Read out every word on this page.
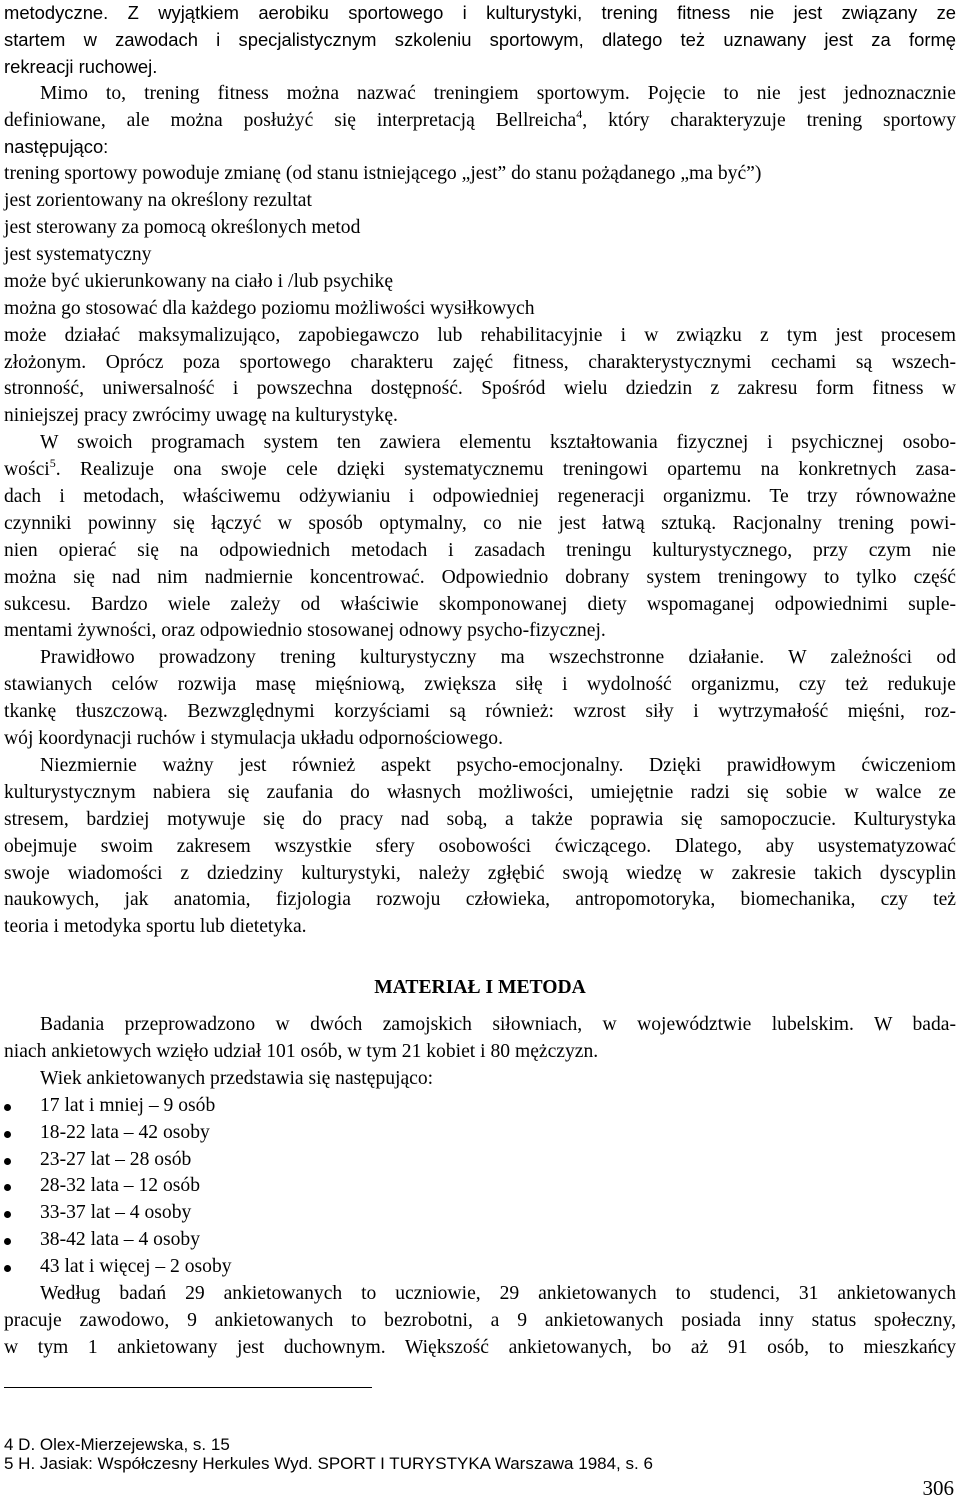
metodyczne. Z wyjątkiem aerobiku sportowego i kulturystyki, trening fitness nie jest związany ze
startem w zawodach i specjalistycznym szkoleniu sportowym, dlatego też uznawany jest za formę
rekreacji ruchowej.
Mimo to, trening fitness można nazwać treningiem sportowym. Pojęcie to nie jest jednoznacznie
definiowane, ale można posłużyć się interpretacją Bellreicha$^4$, który charakteryzuje trening sportowy
następująco:
trening sportowy powoduje zmianę (od stanu istniejącego „jest” do stanu pożądanego „ma być”)
jest zorientowany na określony rezultat
jest sterowany za pomocą określonych metod
jest systematyczny
może być ukierunkowany na ciało i /lub psychikę
można go stosować dla każdego poziomu możliwości wysiłkowych
może działać maksymalizująco, zapobiegawczo lub rehabilitacyjnie i w związku z tym jest procesem
złożonym. Oprócz poza sportowego charakteru zajęć fitness, charakterystycznymi cechami są wszech-
stronność, uniwersalność i powszechna dostępność. Spośród wielu dziedzin z zakresu form fitness w
niniejszej pracy zwrócimy uwagę na kulturystykę.
W swoich programach system ten zawiera elementu kształtowania fizycznej i psychicznej osobo-
wości$^5$. Realizuje ona swoje cele dzięki systematycznemu treningowi opartemu na konkretnych zasa-
dach i metodach, właściwemu odżywianiu i odpowiedniej regeneracji organizmu. Te trzy równoważne
czynniki powinny się łączyć w sposób optymalny, co nie jest łatwą sztuką. Racjonalny trening powi-
nien opierać się na odpowiednich metodach i zasadach treningu kulturystycznego, przy czym nie
można się nad nim nadmiernie koncentrować. Odpowiednio dobrany system treningowy to tylko część
sukcesu. Bardzo wiele zależy od właściwie skomponowanej diety wspomaganej odpowiednimi suple-
mentami żywności, oraz odpowiednio stosowanej odnowy psycho-fizycznej.
Prawidłowo prowadzony trening kulturystyczny ma wszechstronne działanie. W zależności od
stawianych celów rozwija masę mięśniową, zwiększa siłę i wydolność organizmu, czy też redukuje
tkankę tłuszczową. Bezwzględnymi korzyściami są również: wzrost siły i wytrzymałość mięśni, roz-
wój koordynacji ruchów i stymulacja układu odpornościowego.
Niezmiernie ważny jest również aspekt psycho-emocjonalny. Dzięki prawidłowym ćwiczeniom
kulturystycznym nabiera się zaufania do własnych możliwości, umiejętnie radzi się sobie w walce ze
stresem, bardziej motywuje się do pracy nad sobą, a także poprawia się samopoczucie. Kulturystyka
obejmuje swoim zakresem wszystkie sfery osobowości ćwiczącego. Dlatego, aby usystematyzować
swoje wiadomości z dziedziny kulturystyki, należy zgłębić swoją wiedzę w zakresie takich dyscyplin
naukowych, jak anatomia, fizjologia rozwoju człowieka, antropomotoryka, biomechanika, czy też
teoria i metodyka sportu lub dietetyka.
MATERIAŁ I METODA
Badania przeprowadzono w dwóch zamojskich siłowniach, w województwie lubelskim. W bada-
niach ankietowych wzięło udział 101 osób, w tym 21 kobiet i 80 mężczyzn.
Wiek ankietowanych przedstawia się następująco:
17 lat i mniej – 9 osób
18-22 lata – 42 osoby
23-27 lat – 28 osób
28-32 lata – 12 osób
33-37 lat – 4 osoby
38-42 lata – 4 osoby
43 lat i więcej – 2 osoby
Według badań 29 ankietowanych to uczniowie, 29 ankietowanych to studenci, 31 ankietowanych
pracuje zawodowo, 9 ankietowanych to bezrobotni, a 9 ankietowanych posiada inny status społeczny,
w tym 1 ankietowany jest duchownym. Większość ankietowanych, bo aż 91 osób, to mieszkańcy
4 D. Olex-Mierzejewska, s. 15
5 H. Jasiak: Współczesny Herkules Wyd. SPORT I TURYSTYKA Warszawa 1984, s. 6
306
